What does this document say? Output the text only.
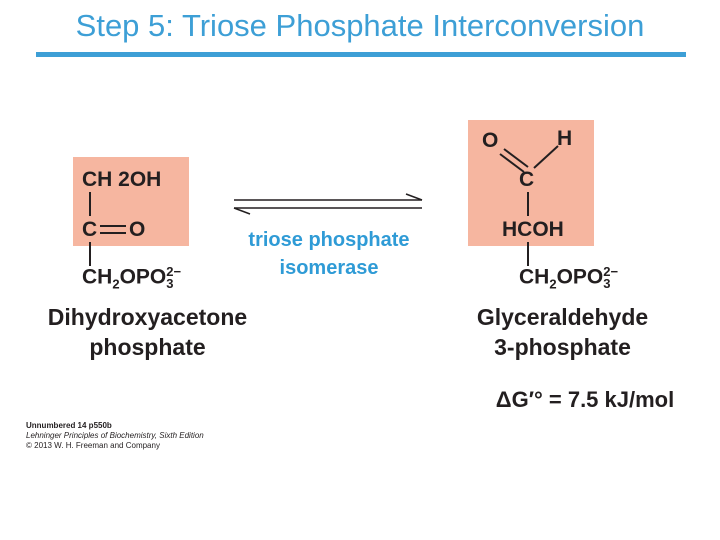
Step 5: Triose Phosphate Interconversion
CH 2OH
C O
$CH_2OPO$ 2−
3
Dihydroxyacetone
phosphate
triose phosphate
isomerase
O	H
C
HCOH
$CH_2OPO$ 2−
3
Glyceraldehyde
3-phosphate
ΔG′° = 7.5 kJ/mol
Unnumbered 14 p550b
Lehninger Principles of Biochemistry, Sixth Edition
© 2013 W. H. Freeman and Company
